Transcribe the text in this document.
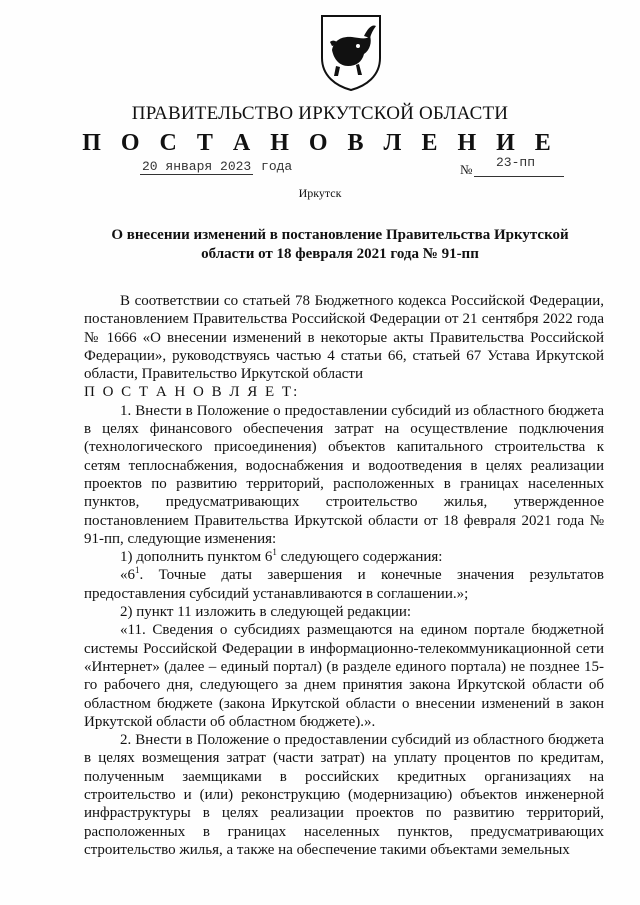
ПРАВИТЕЛЬСТВО ИРКУТСКОЙ ОБЛАСТИ
П О С Т А Н О В Л Е Н И Е
20 января 2023 года	№ 23-пп
Иркутск
О внесении изменений в постановление Правительства Иркутской
области от 18 февраля 2021 года № 91-пп

В соответствии со статьей 78 Бюджетного кодекса Российской Федерации, постановлением Правительства Российской Федерации от 21 сентября 2022 года № 1666 «О внесении изменений в некоторые акты Правительства Российской Федерации», руководствуясь частью 4 статьи 66, статьей 67 Устава Иркутской области, Правительство Иркутской области

П О С Т А Н О В Л Я Е Т:

1. Внести в Положение о предоставлении субсидий из областного бюджета в целях финансового обеспечения затрат на осуществление подключения (технологического присоединения) объектов капитального строительства к сетям теплоснабжения, водоснабжения и водоотведения в целях реализации проектов по развитию территорий, расположенных в границах населенных пунктов, предусматривающих строительство жилья, утвержденное постановлением Правительства Иркутской области от 18 февраля 2021 года № 91-пп, следующие изменения:

1) дополнить пунктом $6^1$ следующего содержания:

«$6^1$. Точные даты завершения и конечные значения результатов предоставления субсидий устанавливаются в соглашении.»;

2) пункт 11 изложить в следующей редакции:

«11. Сведения о субсидиях размещаются на едином портале бюджетной системы Российской Федерации в информационно-телекоммуникационной сети «Интернет» (далее – единый портал) (в разделе единого портала) не позднее 15-го рабочего дня, следующего за днем принятия закона Иркутской области об областном бюджете (закона Иркутской области о внесении изменений в закон Иркутской области об областном бюджете).».

2. Внести в Положение о предоставлении субсидий из областного бюджета в целях возмещения затрат (части затрат) на уплату процентов по кредитам, полученным заемщиками в российских кредитных организациях на строительство и (или) реконструкцию (модернизацию) объектов инженерной инфраструктуры в целях реализации проектов по развитию территорий, расположенных в границах населенных пунктов, предусматривающих строительство жилья, а также на обеспечение такими объектами земельных
